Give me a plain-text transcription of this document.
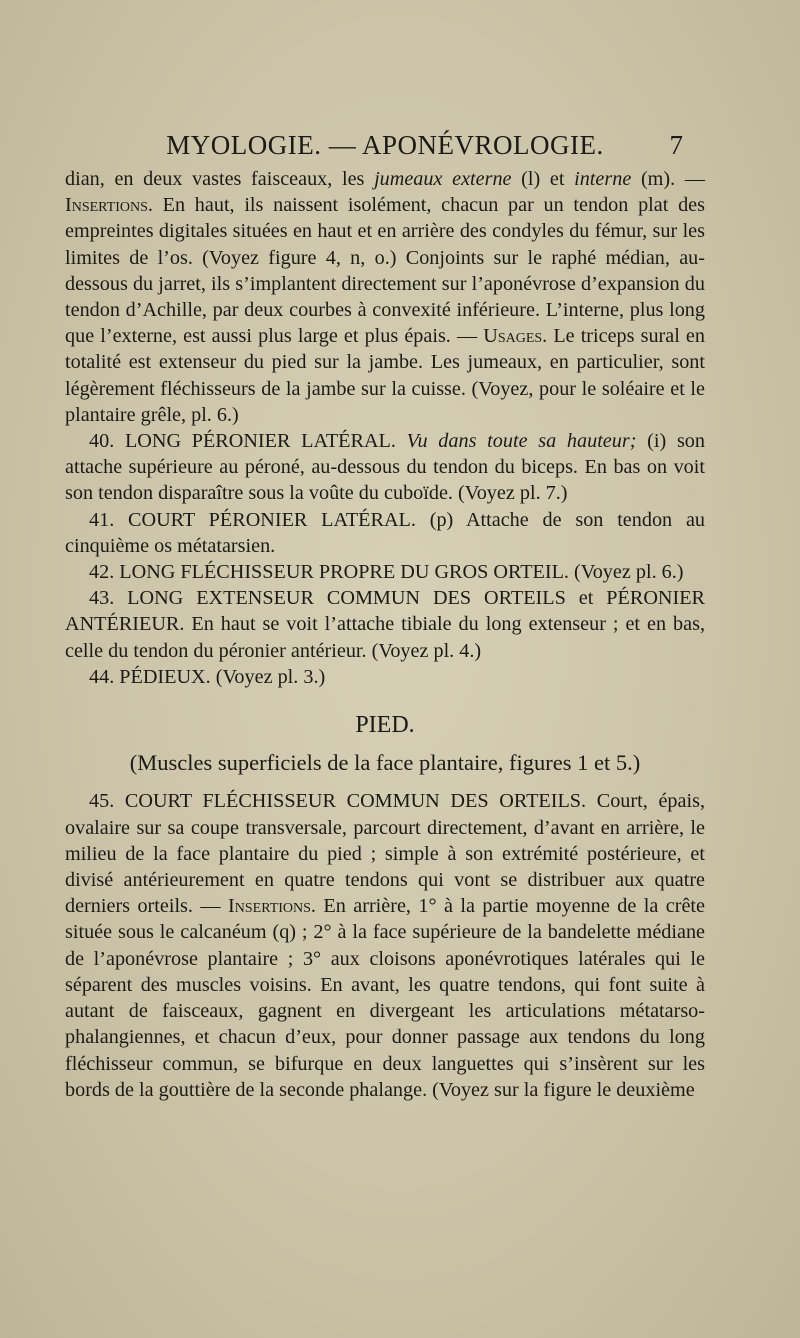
MYOLOGIE. — APONÉVROLOGIE.	7

dian, en deux vastes faisceaux, les jumeaux externe (l) et interne (m). — Insertions. En haut, ils naissent isolément, chacun par un tendon plat des empreintes digitales situées en haut et en arrière des condyles du fémur, sur les limites de l’os. (Voyez figure 4, n, o.) Conjoints sur le raphé médian, au-dessous du jarret, ils s’implantent directement sur l’aponévrose d’expansion du tendon d’Achille, par deux courbes à convexité inférieure. L’interne, plus long que l’externe, est aussi plus large et plus épais. — Usages. Le triceps sural en totalité est extenseur du pied sur la jambe. Les jumeaux, en particulier, sont légèrement fléchisseurs de la jambe sur la cuisse. (Voyez, pour le soléaire et le plantaire grêle, pl. 6.)

40. LONG PÉRONIER LATÉRAL. Vu dans toute sa hauteur; (i) son attache supérieure au péroné, au-dessous du tendon du biceps. En bas on voit son tendon disparaître sous la voûte du cuboïde. (Voyez pl. 7.)

41. COURT PÉRONIER LATÉRAL. (p) Attache de son tendon au cinquième os métatarsien.

42. LONG FLÉCHISSEUR PROPRE DU GROS ORTEIL. (Voyez pl. 6.)

43. LONG EXTENSEUR COMMUN DES ORTEILS et PÉRONIER ANTÉRIEUR. En haut se voit l’attache tibiale du long extenseur ; et en bas, celle du tendon du péronier antérieur. (Voyez pl. 4.)

44. PÉDIEUX. (Voyez pl. 3.)

PIED.
(Muscles superficiels de la face plantaire, figures 1 et 5.)

45. COURT FLÉCHISSEUR COMMUN DES ORTEILS. Court, épais, ovalaire sur sa coupe transversale, parcourt directement, d’avant en arrière, le milieu de la face plantaire du pied ; simple à son extrémité postérieure, et divisé antérieurement en quatre tendons qui vont se distribuer aux quatre derniers orteils. — Insertions. En arrière, 1° à la partie moyenne de la crête située sous le calcanéum (q) ; 2° à la face supérieure de la bandelette médiane de l’aponévrose plantaire ; 3° aux cloisons aponévrotiques latérales qui le séparent des muscles voisins. En avant, les quatre tendons, qui font suite à autant de faisceaux, gagnent en divergeant les articulations métatarso-phalangiennes, et chacun d’eux, pour donner passage aux tendons du long fléchisseur commun, se bifurque en deux languettes qui s’insèrent sur les bords de la gouttière de la seconde phalange. (Voyez sur la figure le deuxième
